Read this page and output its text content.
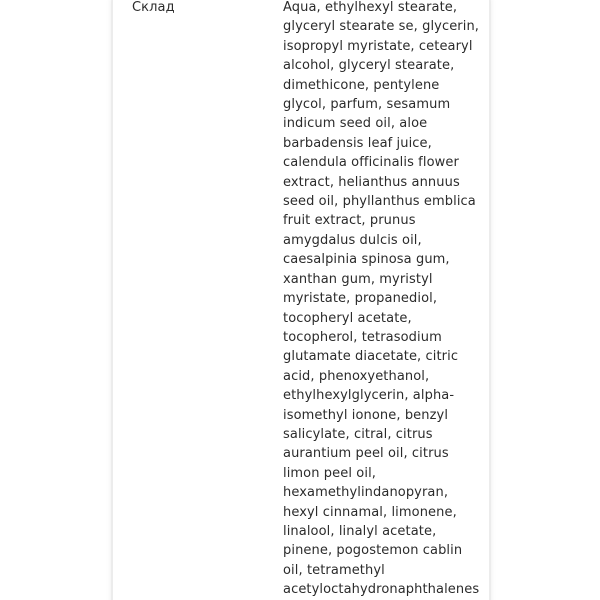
Склад	Aqua, ethylhexyl stearate,
glyceryl stearate se, glycerin,
isopropyl myristate, cetearyl
alcohol, glyceryl stearate,
dimethicone, pentylene
glycol, parfum, sesamum
indicum seed oil, aloe
barbadensis leaf juice,
calendula officinalis flower
extract, helianthus annuus
seed oil, phyllanthus emblica
fruit extract, prunus
amygdalus dulcis oil,
caesalpinia spinosa gum,
xanthan gum, myristyl
myristate, propanediol,
tocopheryl acetate,
tocopherol, tetrasodium
glutamate diacetate, citric
acid, phenoxyethanol,
ethylhexylglycerin, alpha-
isomethyl ionone, benzyl
salicylate, citral, citrus
aurantium peel oil, citrus
limon peel oil,
hexamethylindanopyran,
hexyl cinnamal, limonene,
linalool, linalyl acetate,
pinene, pogostemon cablin
oil, tetramethyl
acetyloctahydronaphthalenes
